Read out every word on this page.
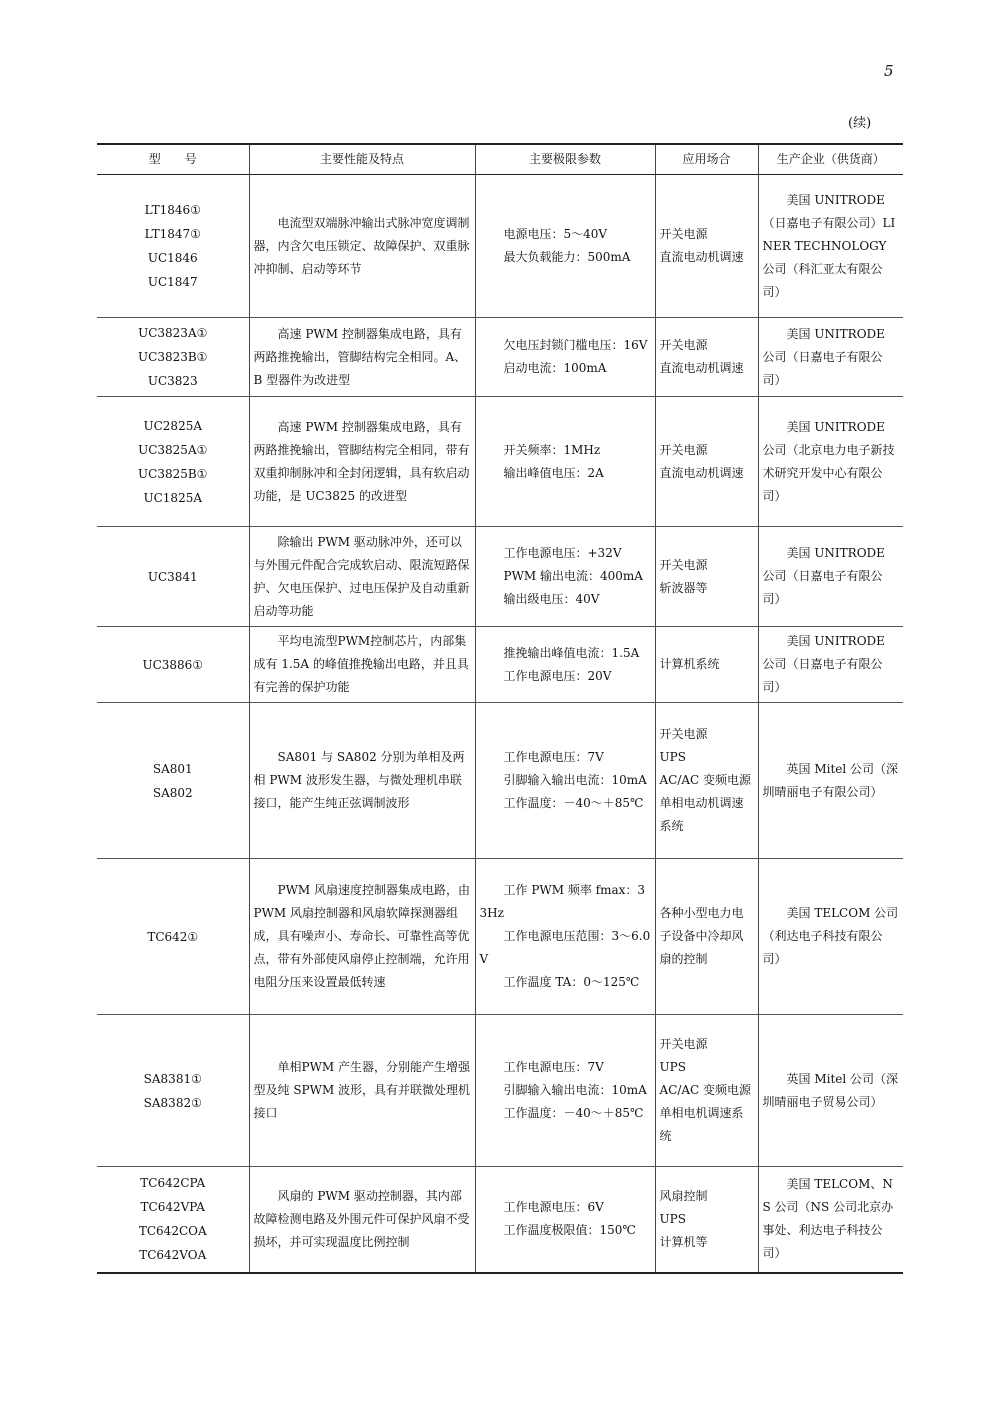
5
(续)
型　　号	主要性能及特点	主要极限参数	应用场合	生产企业（供货商）

LT1846①
LT1847①
UC1846
UC1847	电流型双端脉冲输出式脉冲宽度调制器，内含欠电压锁定、故障保护、双重脉冲抑制、启动等环节	电源电压：5～40V
最大负载能力：500mA	开关电源
直流电动机调速	美国 UNITRODE（日嘉电子有限公司）LINER TECHNOLOGY 公司（科汇亚太有限公司）

UC3823A①
UC3823B①
UC3823	高速 PWM 控制器集成电路，具有两路推挽输出，管脚结构完全相同。A、B 型器件为改进型	欠电压封锁门槛电压：16V
启动电流：100mA	开关电源
直流电动机调速	美国 UNITRODE 公司（日嘉电子有限公司）

UC2825A
UC3825A①
UC3825B①
UC1825A	高速 PWM 控制器集成电路，具有两路推挽输出，管脚结构完全相同，带有双重抑制脉冲和全封闭逻辑，具有软启动功能，是 UC3825 的改进型	开关频率：1MHz
输出峰值电压：2A	开关电源
直流电动机调速	美国 UNITRODE 公司（北京电力电子新技术研究开发中心有限公司）

UC3841	除输出 PWM 驱动脉冲外，还可以与外围元件配合完成软启动、限流短路保护、欠电压保护、过电压保护及自动重新启动等功能	工作电源电压：+32V
PWM 输出电流：400mA
输出级电压：40V	开关电源
斩波器等	美国 UNITRODE 公司（日嘉电子有限公司）

UC3886①	平均电流型PWM控制芯片，内部集成有 1.5A 的峰值推挽输出电路，并且具有完善的保护功能	推挽输出峰值电流：1.5A
工作电源电压：20V	计算机系统	美国 UNITRODE 公司（日嘉电子有限公司）

SA801
SA802	SA801 与 SA802 分别为单相及两相 PWM 波形发生器，与微处理机串联接口，能产生纯正弦调制波形	工作电源电压：7V
引脚输入输出电流：10mA
工作温度：－40～＋85℃	开关电源
UPS
AC/AC 变频电源
单相电动机调速系统	英国 Mitel 公司（深圳晴丽电子有限公司）

TC642①	PWM 风扇速度控制器集成电路，由 PWM 风扇控制器和风扇软障探测器组成，具有噪声小、寿命长、可靠性高等优点，带有外部使风扇停止控制端，允许用电阻分压来设置最低转速	工作 PWM 频率 fmax：33Hz
工作电源电压范围：3～6.0V
工作温度 TA：0～125℃	各种小型电力电子设备中冷却风扇的控制	美国 TELCOM 公司（利达电子科技有限公司）

SA8381①
SA8382①	单相PWM 产生器，分别能产生增强型及纯 SPWM 波形，具有并联微处理机接口	工作电源电压：7V
引脚输入输出电流：10mA
工作温度：－40～＋85℃	开关电源
UPS
AC/AC 变频电源
单相电机调速系统	英国 Mitel 公司（深圳晴丽电子贸易公司）

TC642CPA
TC642VPA
TC642COA
TC642VOA	风扇的 PWM 驱动控制器，其内部故障检测电路及外围元件可保护风扇不受损坏，并可实现温度比例控制	工作电源电压：6V
工作温度极限值：150℃	风扇控制
UPS
计算机等	美国 TELCOM、NS 公司（NS 公司北京办事处、利达电子科技公司）
